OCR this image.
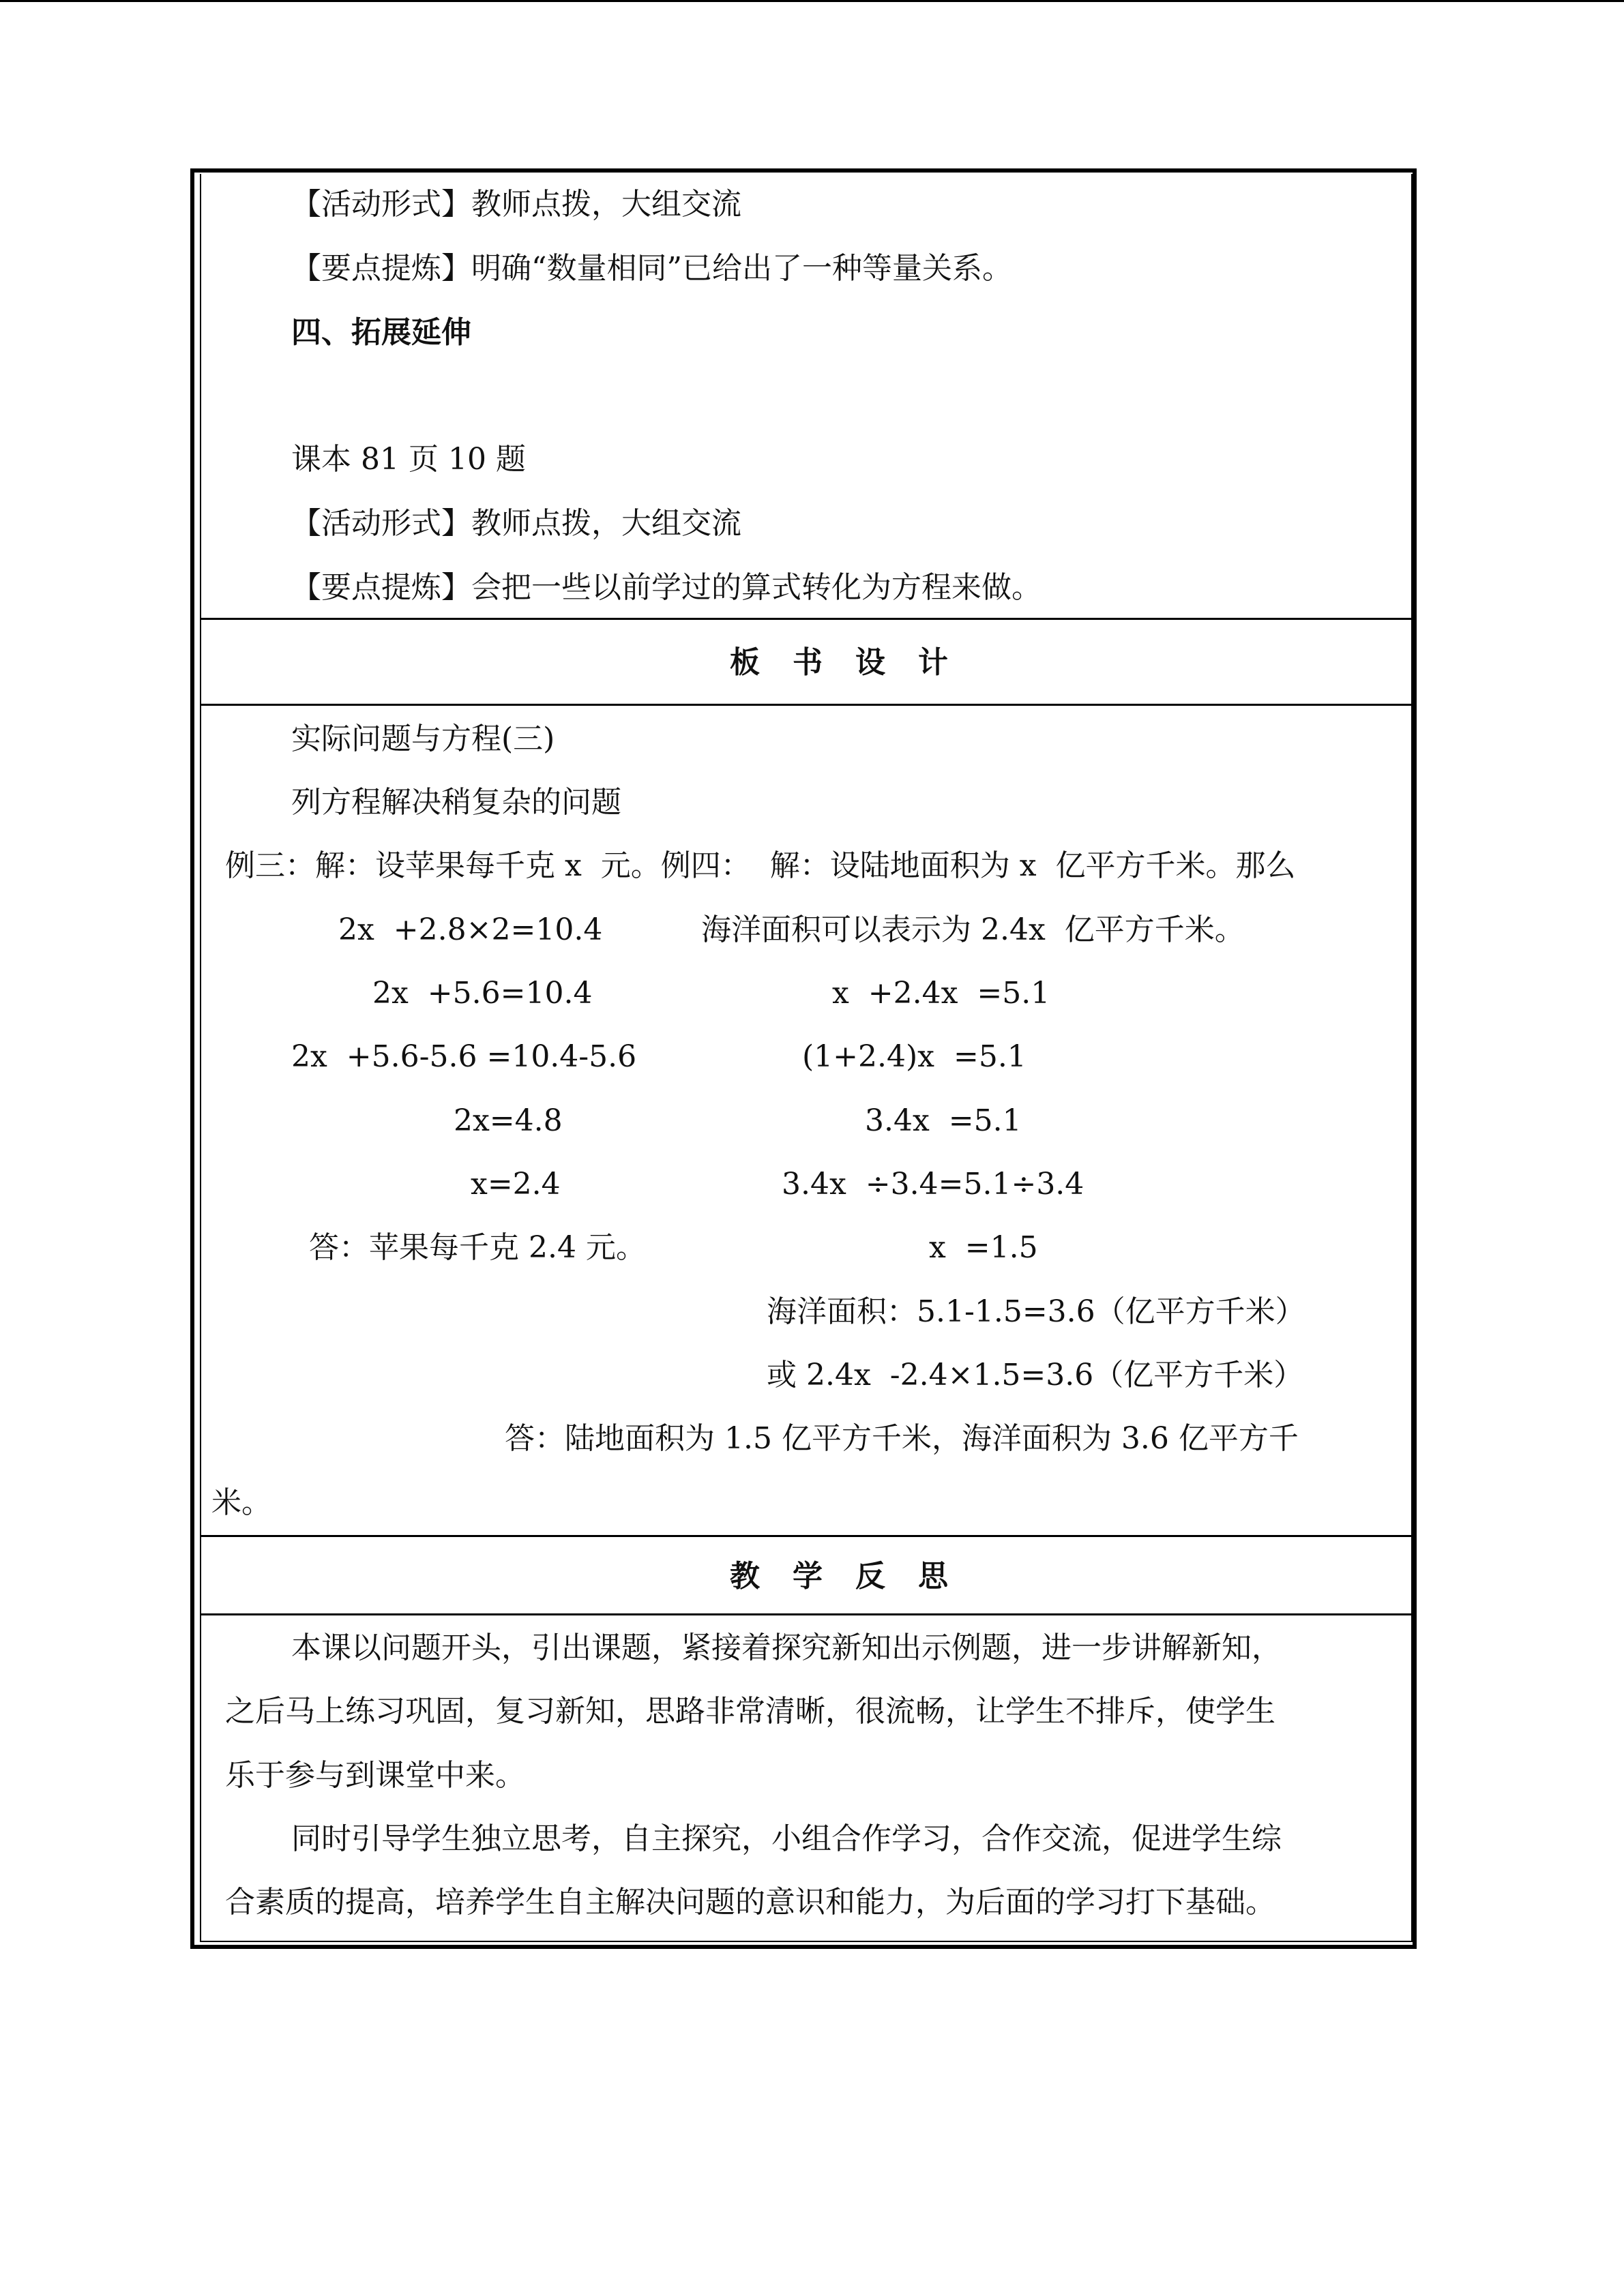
【活动形式】教师点拨，大组交流
【要点提炼】明确“数量相同”已给出了一种等量关系。
四、拓展延伸
课本 81 页 10 题
【活动形式】教师点拨，大组交流
【要点提炼】会把一些以前学过的算式转化为方程来做。
板书设计
实际问题与方程(三)
列方程解决稍复杂的问题
例三：解：设苹果每千克 x  元。例四：  解：设陆地面积为 x  亿平方千米。那么
2x  +2.8×2=10.4	海洋面积可以表示为 2.4x  亿平方千米。
2x  +5.6=10.4	x  +2.4x  =5.1
2x  +5.6-5.6 =10.4-5.6	(1+2.4)x  =5.1
2x=4.8	3.4x  =5.1
x=2.4	3.4x  ÷3.4=5.1÷3.4
答：苹果每千克 2.4 元。	x  =1.5
海洋面积：5.1-1.5=3.6（亿平方千米）
或 2.4x  -2.4×1.5=3.6（亿平方千米）
答：陆地面积为 1.5 亿平方千米，海洋面积为 3.6 亿平方千
米。
教学反思
本课以问题开头，引出课题，紧接着探究新知出示例题，进一步讲解新知，
之后马上练习巩固，复习新知，思路非常清晰，很流畅，让学生不排斥，使学生
乐于参与到课堂中来。
同时引导学生独立思考，自主探究，小组合作学习，合作交流，促进学生综
合素质的提高，培养学生自主解决问题的意识和能力，为后面的学习打下基础。
